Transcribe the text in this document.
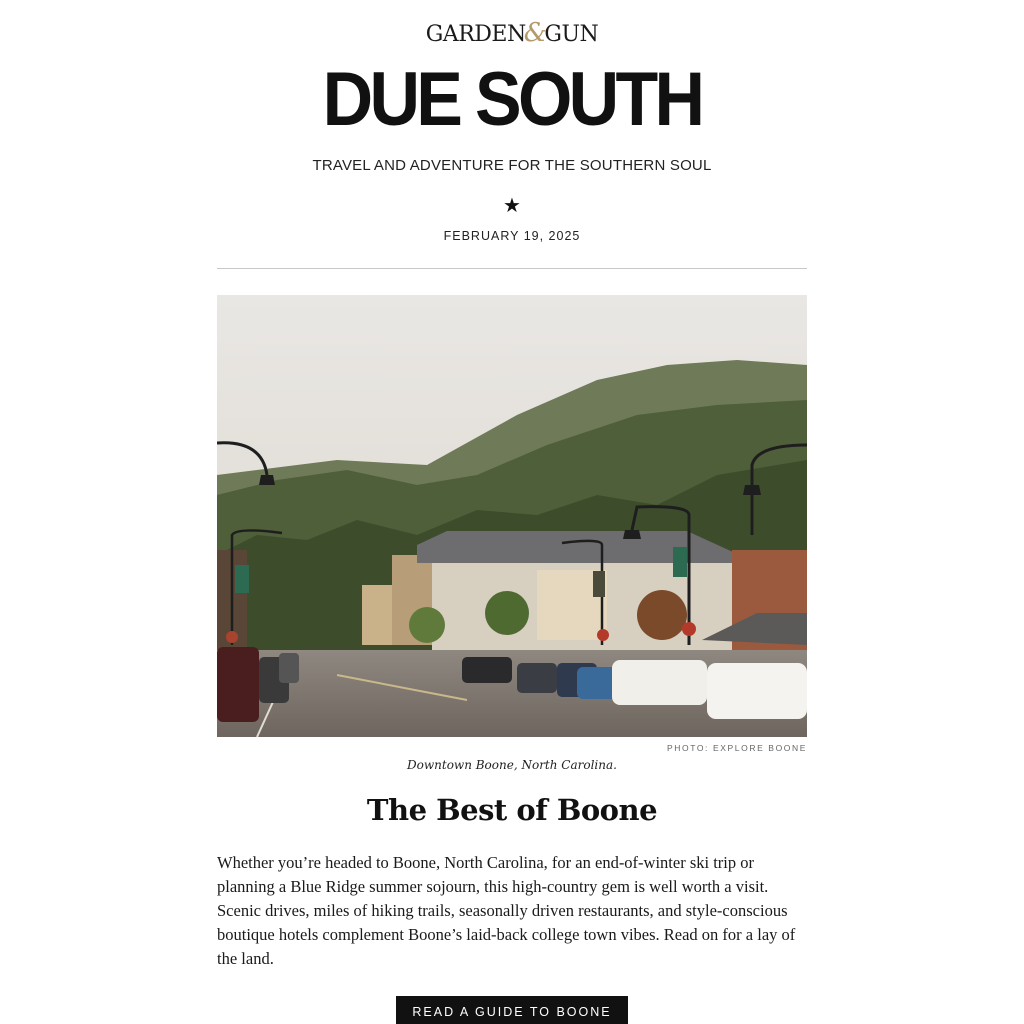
GARDEN&GUN
DUE SOUTH
TRAVEL AND ADVENTURE FOR THE SOUTHERN SOUL
★
FEBRUARY 19, 2025
PHOTO: EXPLORE BOONE
Downtown Boone, North Carolina.
The Best of Boone

Whether you’re headed to Boone, North Carolina, for an end-of-winter ski trip or planning a Blue Ridge summer sojourn, this high-country gem is well worth a visit. Scenic drives, miles of hiking trails, seasonally driven restaurants, and style-conscious boutique hotels complement Boone’s laid-back college town vibes. Read on for a lay of the land.

READ A GUIDE TO BOONE
